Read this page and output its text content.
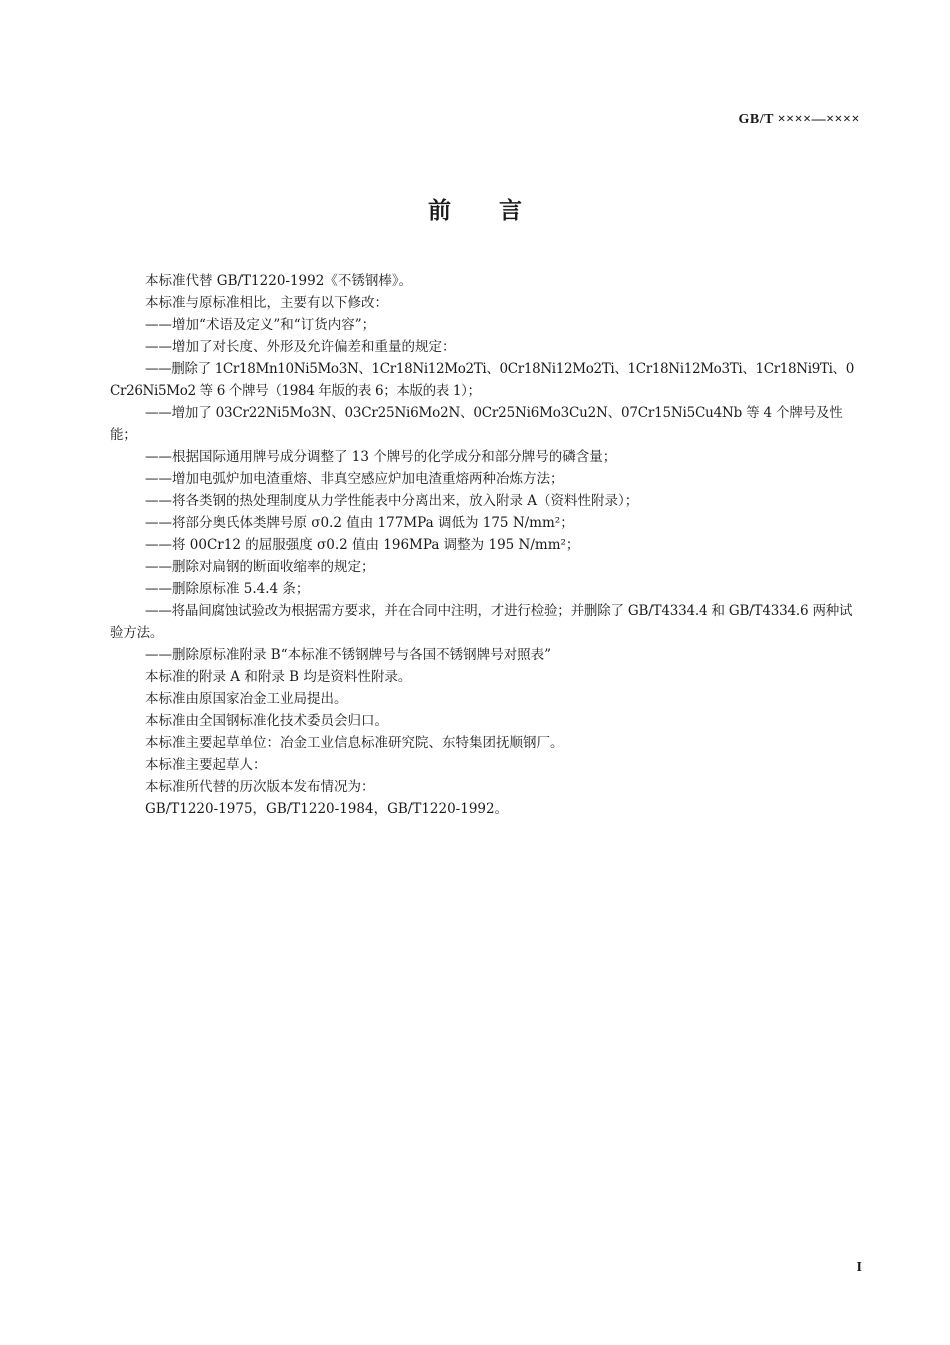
GB/T ××××—××××
前言

本标准代替 GB/T1220-1992《不锈钢棒》。

本标准与原标准相比，主要有以下修改：

——增加“术语及定义”和“订货内容”；

——增加了对长度、外形及允许偏差和重量的规定：

——删除了 1Cr18Mn10Ni5Mo3N、1Cr18Ni12Mo2Ti、0Cr18Ni12Mo2Ti、1Cr18Ni12Mo3Ti、1Cr18Ni9Ti、0Cr26Ni5Mo2 等 6 个牌号（1984 年版的表 6；本版的表 1）；

——增加了 03Cr22Ni5Mo3N、03Cr25Ni6Mo2N、0Cr25Ni6Mo3Cu2N、07Cr15Ni5Cu4Nb 等 4 个牌号及性能；

——根据国际通用牌号成分调整了 13 个牌号的化学成分和部分牌号的磷含量；

——增加电弧炉加电渣重熔、非真空感应炉加电渣重熔两种冶炼方法；

——将各类钢的热处理制度从力学性能表中分离出来，放入附录 A（资料性附录）；

——将部分奥氏体类牌号原 σ0.2 值由 177MPa 调低为 175 N/mm²；

——将 00Cr12 的屈服强度 σ0.2 值由 196MPa 调整为 195 N/mm²；

——删除对扁钢的断面收缩率的规定；

——删除原标准 5.4.4 条；

——将晶间腐蚀试验改为根据需方要求，并在合同中注明，才进行检验；并删除了 GB/T4334.4 和 GB/T4334.6 两种试验方法。

——删除原标准附录 B“本标准不锈钢牌号与各国不锈钢牌号对照表”

本标准的附录 A 和附录 B 均是资料性附录。

本标准由原国家冶金工业局提出。

本标准由全国钢标准化技术委员会归口。

本标准主要起草单位：冶金工业信息标准研究院、东特集团抚顺钢厂。

本标准主要起草人：

本标准所代替的历次版本发布情况为：

GB/T1220-1975，GB/T1220-1984，GB/T1220-1992。

I
